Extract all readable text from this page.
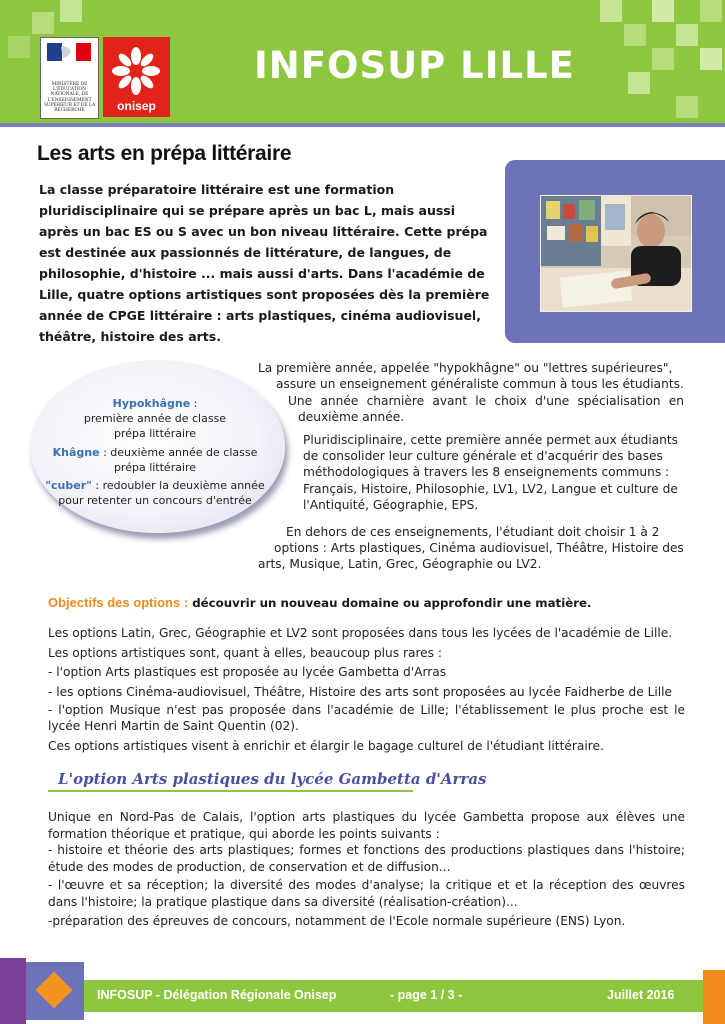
MINISTÈRE DE L'ÉDUCATION NATIONALE, DE L'ENSEIGNEMENT SUPÉRIEUR ET DE LA RECHERCHE	onisep
INFOSUP LILLE
Les arts en prépa littéraire

La classe préparatoire littéraire est une formation pluridisciplinaire qui se prépare après un bac L, mais aussi après un bac ES ou S avec un bon niveau littéraire. Cette prépa est destinée aux passionnés de littérature, de langues, de philosophie, d'histoire ... mais aussi d'arts. Dans l'académie de Lille, quatre options artistiques sont proposées dès la première année de CPGE littéraire : arts plastiques, cinéma audiovisuel, théâtre, histoire des arts.

Hypokhâgne :
première année de classe prépa littéraire

Khâgne : deuxième année de classe prépa littéraire

"cuber" : redoubler la deuxième année pour retenter un concours d'entrée

La première année, appelée "hypokhâgne" ou "lettres supérieures",

assure un enseignement généraliste commun à tous les étudiants.

Une année charnière avant le choix d'une spécialisation en

deuxième année.

Pluridisciplinaire, cette première année permet aux étudiants de consolider leur culture générale et d'acquérir des bases méthodologiques à travers les 8 enseignements communs : Français, Histoire, Philosophie, LV1, LV2, Langue et culture de l'Antiquité, Géographie, EPS.

En dehors de ces enseignements, l'étudiant doit choisir 1 à 2

options : Arts plastiques, Cinéma audiovisuel, Théâtre, Histoire des

arts, Musique, Latin, Grec, Géographie ou LV2.

Objectifs des options : découvrir un nouveau domaine ou approfondir une matière.

Les options Latin, Grec, Géographie et LV2 sont proposées dans tous les lycées de l'académie de Lille.

Les options artistiques sont, quant à elles, beaucoup plus rares :

- l'option Arts plastiques est proposée au lycée Gambetta d'Arras

- les options Cinéma-audiovisuel, Théâtre, Histoire des arts sont proposées au lycée Faidherbe de Lille

- l'option Musique n'est pas proposée dans l'académie de Lille; l'établissement le plus proche est le lycée Henri Martin de Saint Quentin (02).

Ces options artistiques visent à enrichir et élargir le bagage culturel de l'étudiant littéraire.

L'option Arts plastiques du lycée Gambetta d'Arras

Unique en Nord-Pas de Calais, l'option arts plastiques du lycée Gambetta propose aux élèves une formation théorique et pratique, qui aborde les points suivants :

- histoire et théorie des arts plastiques; formes et fonctions des productions plastiques dans l'histoire; étude des modes de production, de conservation et de diffusion...

- l'œuvre et sa réception; la diversité des modes d'analyse; la critique et et la réception des œuvres dans l'histoire; la pratique plastique dans sa diversité (réalisation-création)...

-préparation des épreuves de concours, notamment de l'Ecole normale supérieure (ENS) Lyon.

INFOSUP - Délégation Régionale Onisep	- page 1 / 3 -	Juillet 2016
